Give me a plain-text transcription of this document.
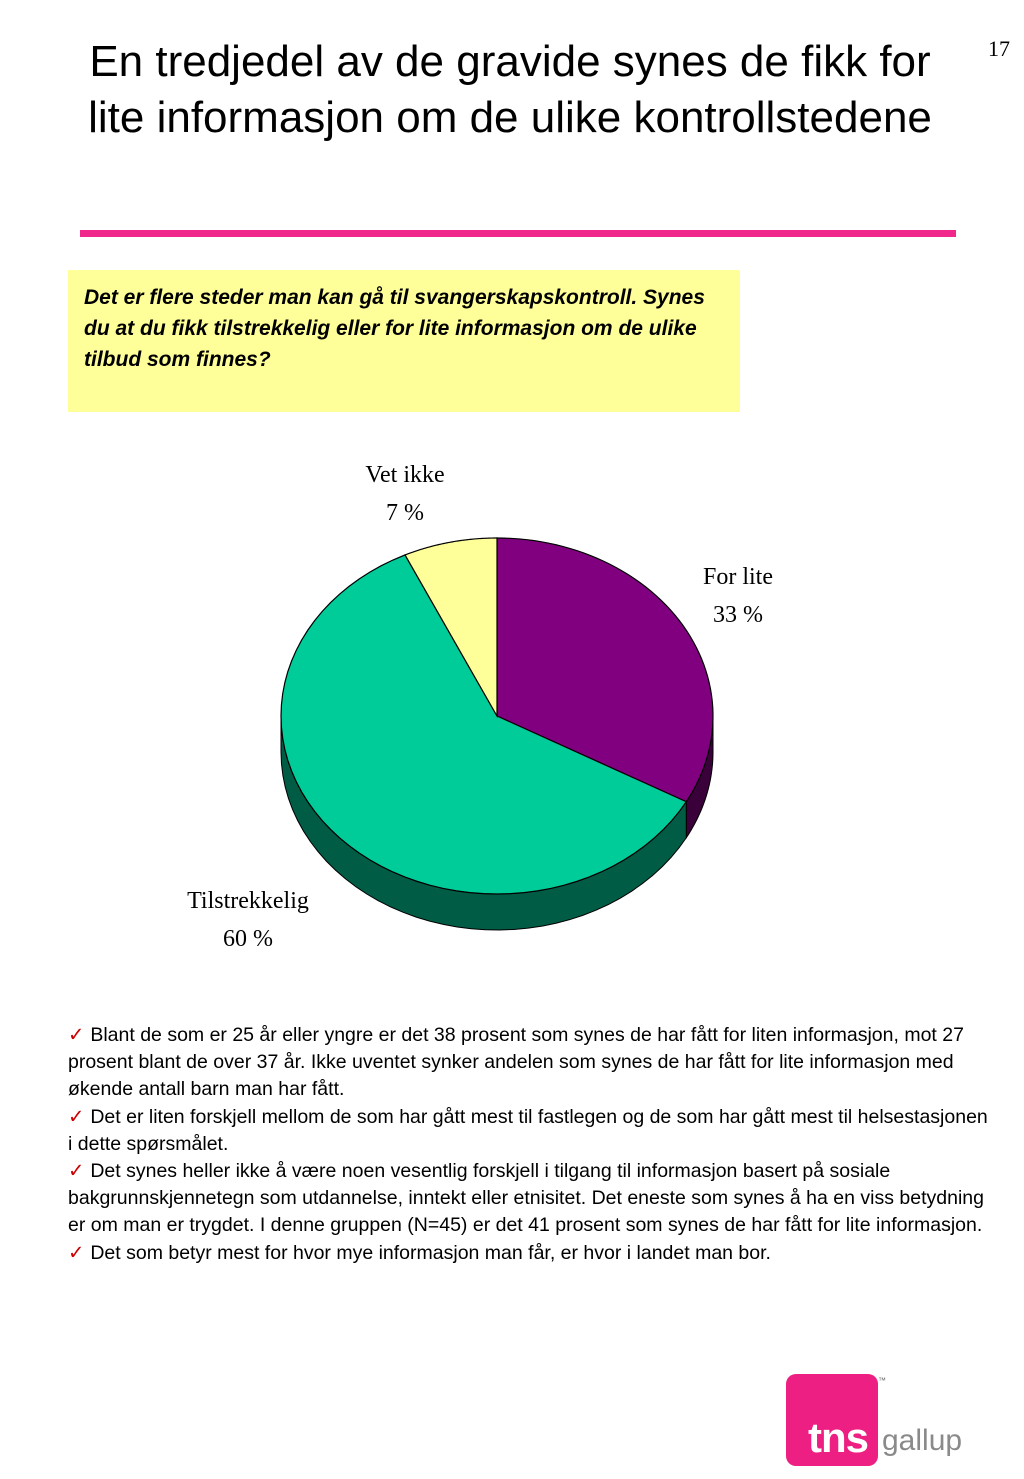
17
En tredjedel av de gravide synes de fikk for lite informasjon om de ulike kontrollstedene
Det er flere steder man kan gå til svangerskapskontroll. Synes du at du fikk tilstrekkelig eller for lite informasjon om de ulike tilbud som finnes?
For lite
33 %
Tilstrekkelig
60 %
Vet ikke
7 %

✓ Blant de som er 25 år eller yngre er det 38 prosent som synes de har fått for liten informasjon, mot 27 prosent blant de over 37 år. Ikke uventet synker andelen som synes de har fått for lite informasjon med økende antall barn man har fått.

✓ Det er liten forskjell mellom de som har gått mest til fastlegen og de som har gått mest til helsestasjonen i dette spørsmålet.

✓ Det synes heller ikke å være noen vesentlig forskjell i tilgang til informasjon basert på sosiale bakgrunnskjennetegn som utdannelse, inntekt eller etnisitet. Det eneste som synes å ha en viss betydning er om man er trygdet. I denne gruppen (N=45) er det 41 prosent som synes de har fått for lite informasjon.

✓ Det som betyr mest for hvor mye informasjon man får, er hvor i landet man bor.

tns
™
gallup
